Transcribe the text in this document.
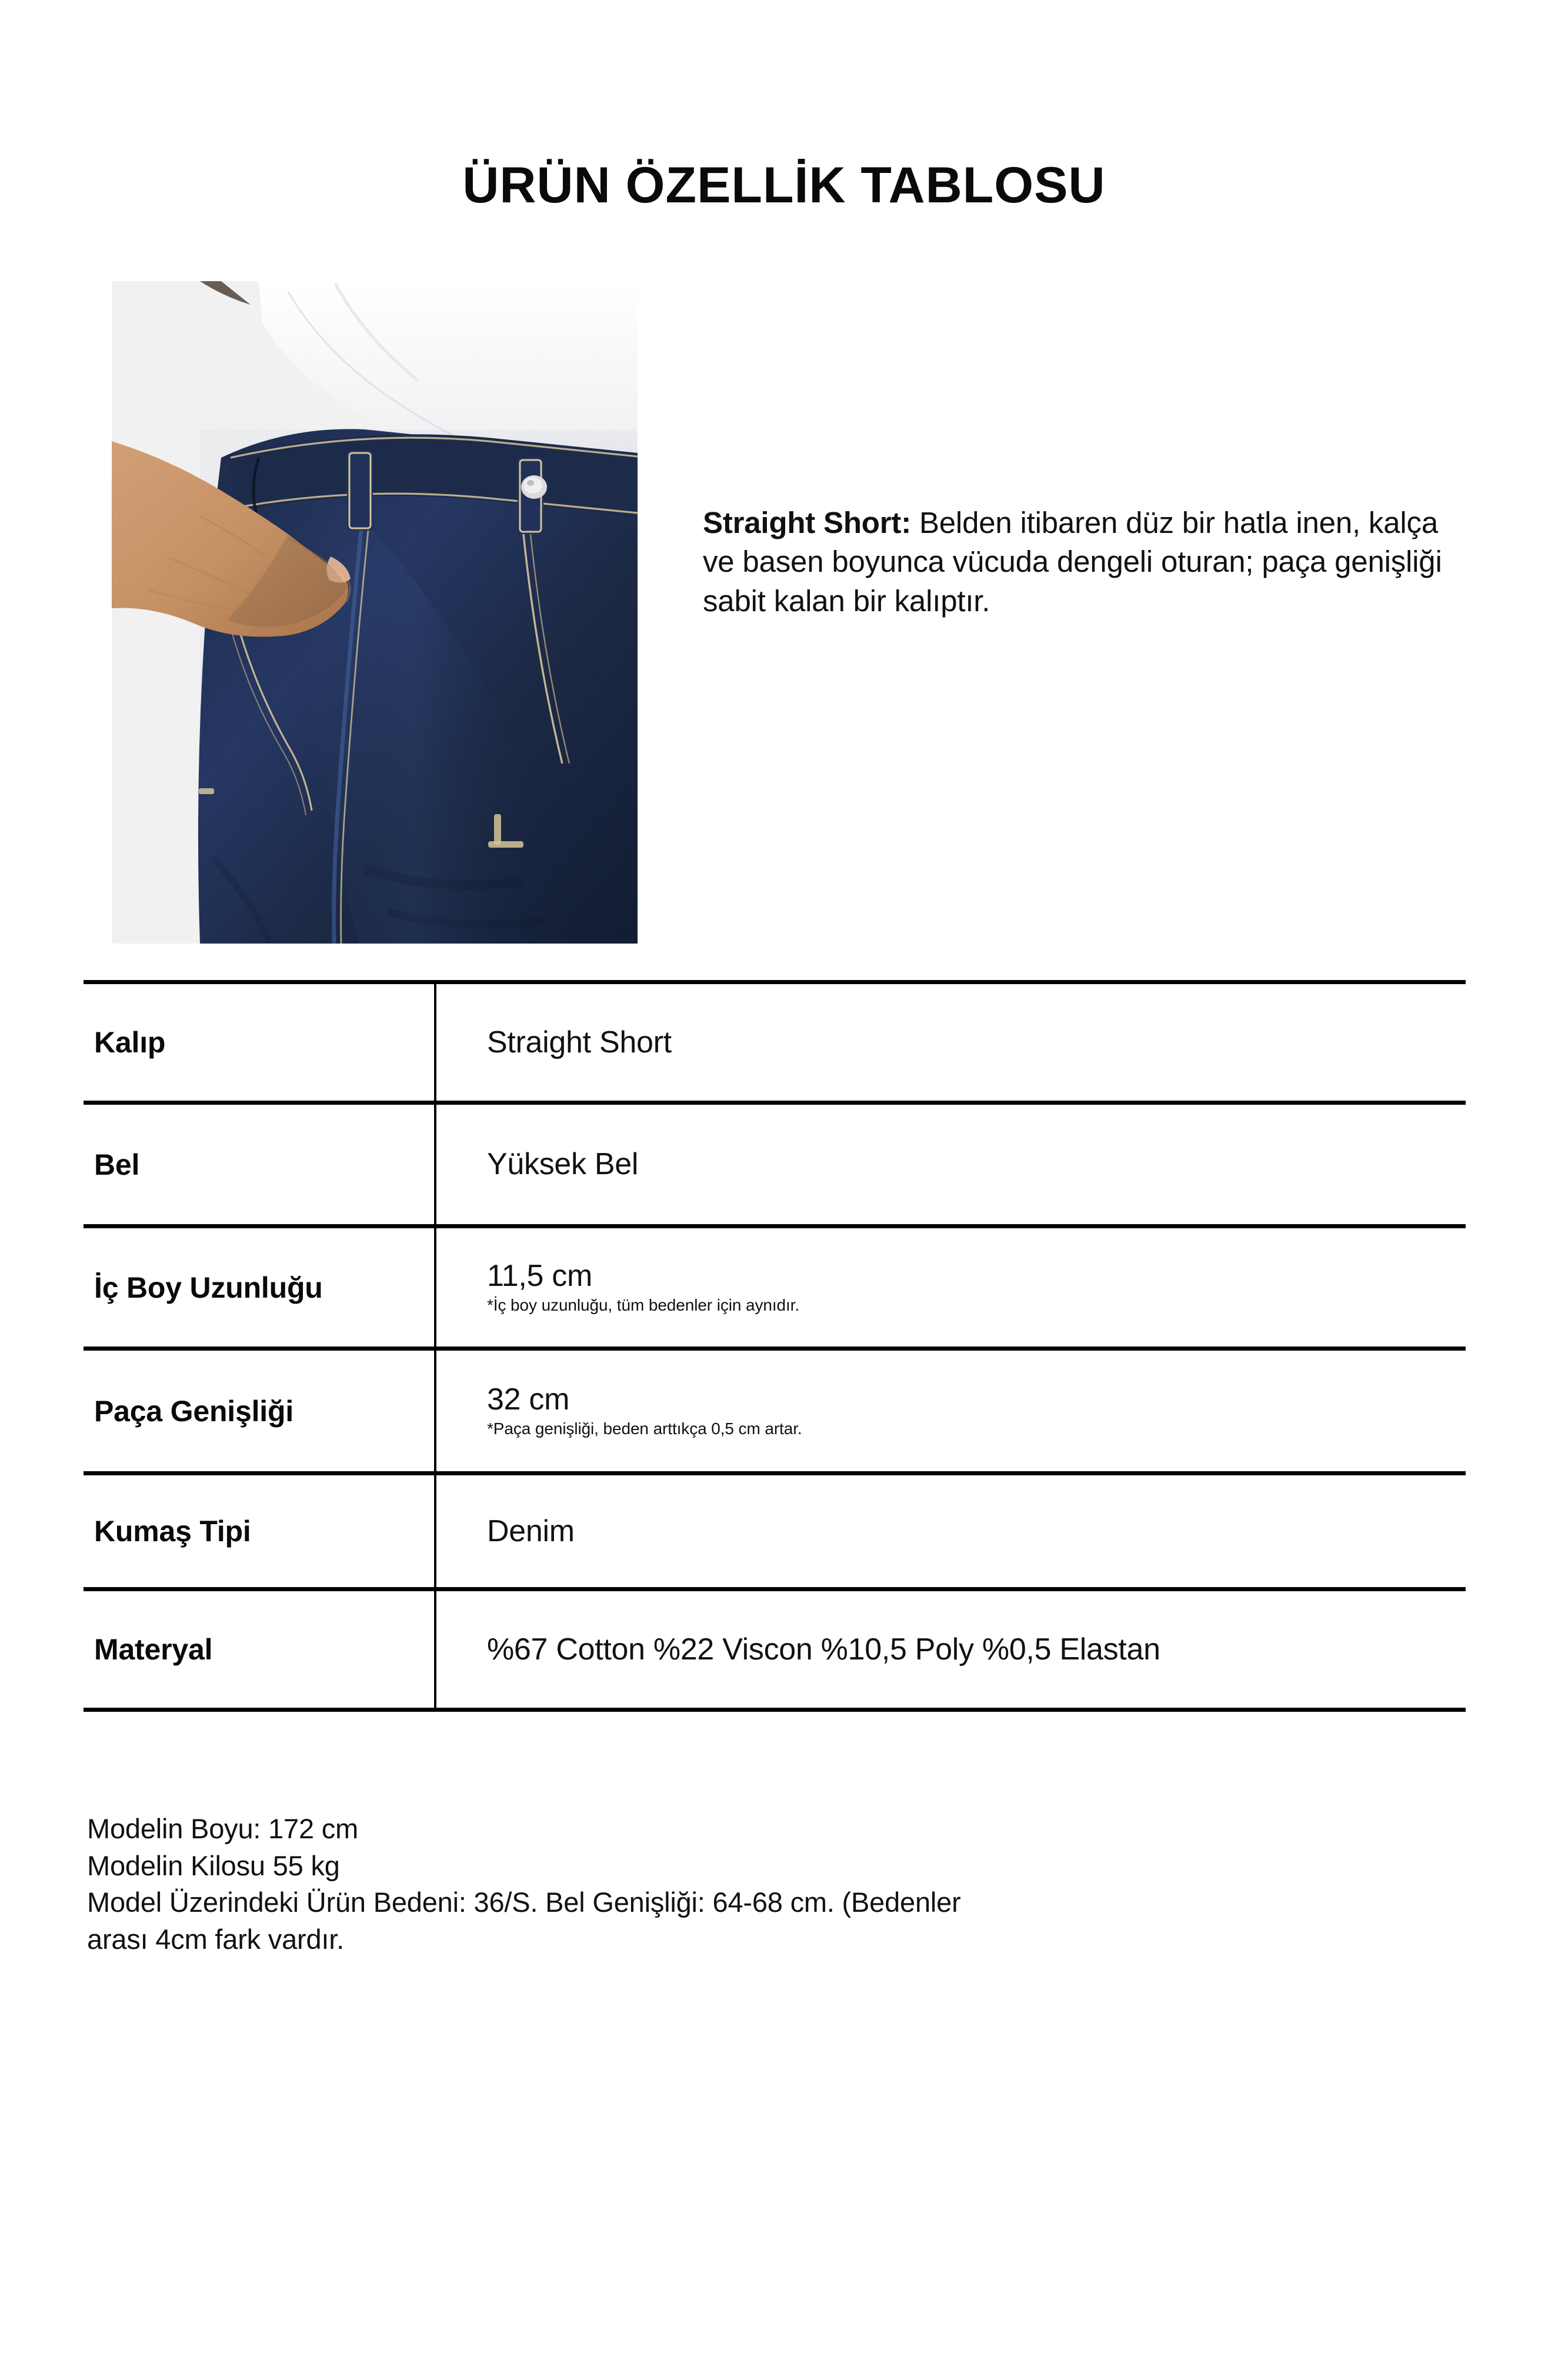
ÜRÜN ÖZELLİK TABLOSU
Straight Short: Belden itibaren düz bir hatla inen, kalça ve basen boyunca vücuda dengeli oturan; paça genişliği sabit kalan bir kalıptır.
Kalıp	Straight Short
Bel	Yüksek Bel
İç Boy Uzunluğu	11,5 cm
*İç boy uzunluğu, tüm bedenler için aynıdır.
Paça Genişliği	32 cm
*Paça genişliği, beden arttıkça 0,5 cm artar.
Kumaş Tipi	Denim
Materyal	%67 Cotton %22 Viscon %10,5 Poly %0,5 Elastan
Modelin Boyu: 172 cm
Modelin Kilosu 55 kg
Model Üzerindeki Ürün Bedeni: 36/S. Bel Genişliği: 64-68 cm. (Bedenler
arası 4cm fark vardır.
